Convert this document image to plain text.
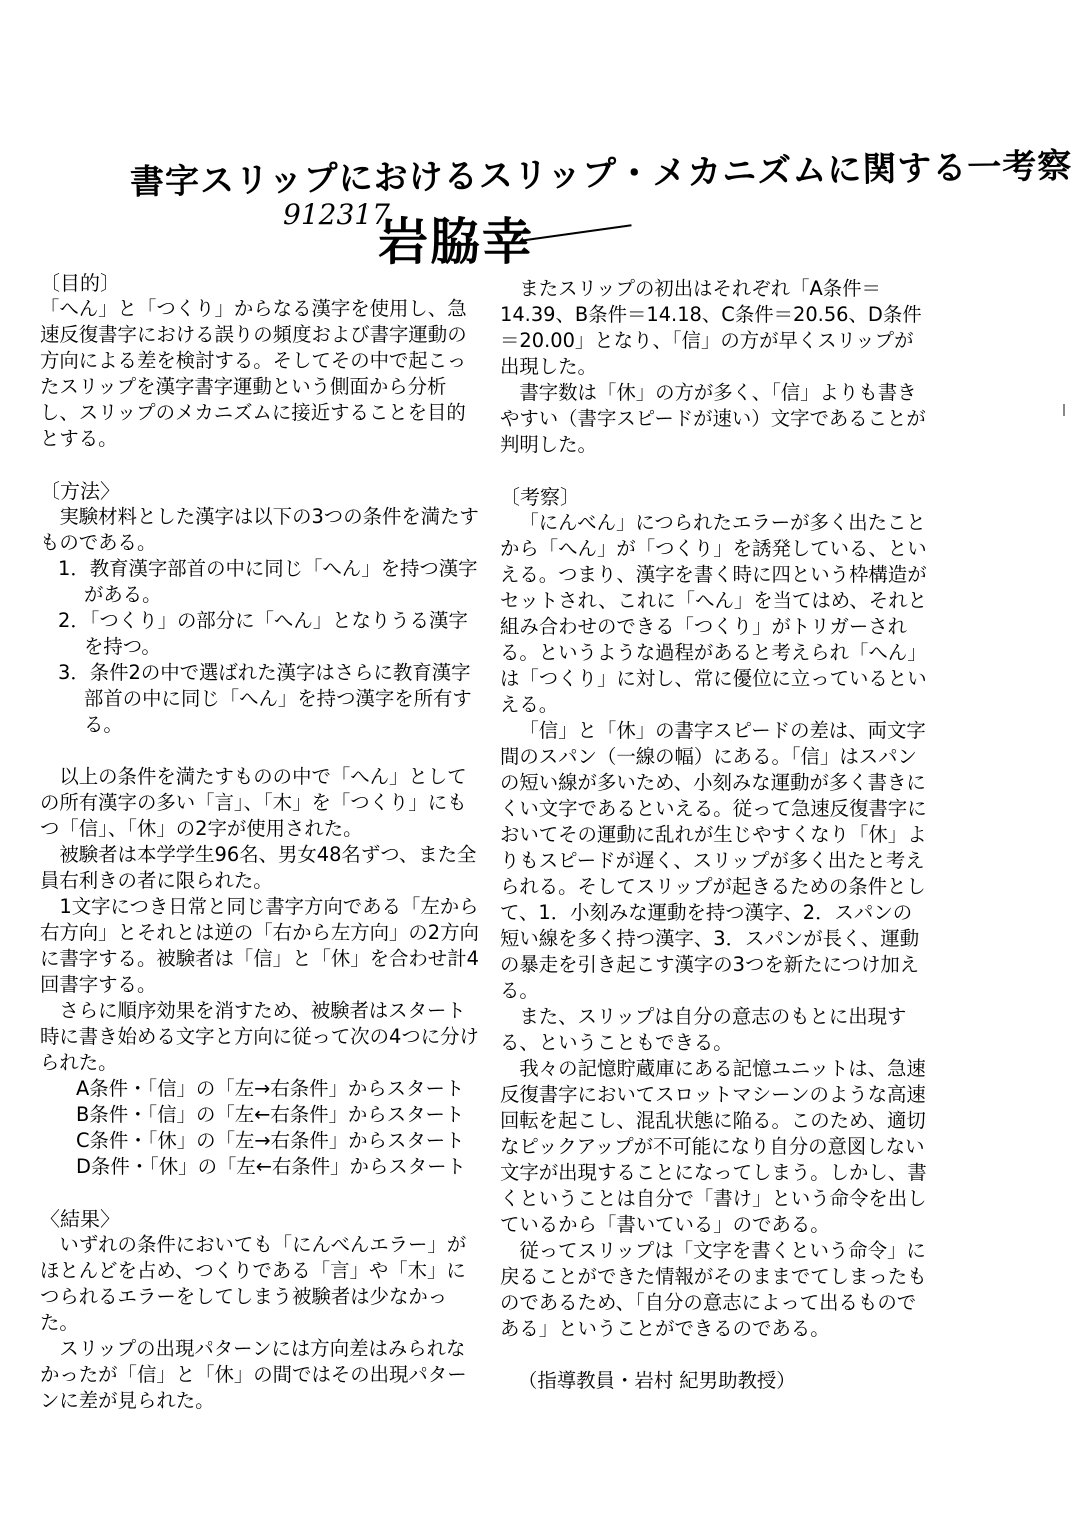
書字スリップにおけるスリップ・メカニズムに関する一考察
912317
岩脇幸
〔目的〕

「へん」と「つくり」からなる漢字を使用し、急速反復書字における誤りの頻度および書字運動の方向による差を検討する。そしてその中で起こったスリップを漢字書字運動という側面から分析し、スリップのメカニズムに接近することを目的とする。

〔方法〉

実験材料とした漢字は以下の3つの条件を満たすものである。

1．教育漢字部首の中に同じ「へん」を持つ漢字がある。

2．「つくり」の部分に「へん」となりうる漢字を持つ。

3．条件2の中で選ばれた漢字はさらに教育漢字部首の中に同じ「へん」を持つ漢字を所有する。

以上の条件を満たすものの中で「へん」としての所有漢字の多い「言」、「木」を「つくり」にもつ「信」、「休」の2字が使用された。

被験者は本学学生96名、男女48名ずつ、また全員右利きの者に限られた。

1文字につき日常と同じ書字方向である「左から右方向」とそれとは逆の「右から左方向」の2方向に書字する。被験者は「信」と「休」を合わせ計4回書字する。

さらに順序効果を消すため、被験者はスタート時に書き始める文字と方向に従って次の4つに分けられた。

A条件・「信」の「左→右条件」からスタート

B条件・「信」の「左←右条件」からスタート

C条件・「休」の「左→右条件」からスタート

D条件・「休」の「左←右条件」からスタート

〈結果〉

いずれの条件においても「にんべんエラー」がほとんどを占め、つくりである「言」や「木」につられるエラーをしてしまう被験者は少なかった。

スリップの出現パターンには方向差はみられなかったが「信」と「休」の間ではその出現パターンに差が見られた。

またスリップの初出はそれぞれ「A条件＝14.39、B条件＝14.18、C条件＝20.56、D条件＝20.00」となり、「信」の方が早くスリップが出現した。

書字数は「休」の方が多く、「信」よりも書きやすい（書字スピードが速い）文字であることが判明した。

〔考察〕

「にんべん」につられたエラーが多く出たことから「へん」が「つくり」を誘発している、といえる。つまり、漢字を書く時に四という枠構造がセットされ、これに「へん」を当てはめ、それと組み合わせのできる「つくり」がトリガーされる。というような過程があると考えられ「へん」は「つくり」に対し、常に優位に立っているといえる。

「信」と「休」の書字スピードの差は、両文字間のスパン（一線の幅）にある。「信」はスパンの短い線が多いため、小刻みな運動が多く書きにくい文字であるといえる。従って急速反復書字においてその運動に乱れが生じやすくなり「休」よりもスピードが遅く、スリップが多く出たと考えられる。そしてスリップが起きるための条件として、1．小刻みな運動を持つ漢字、2．スパンの短い線を多く持つ漢字、3．スパンが長く、運動の暴走を引き起こす漢字の3つを新たにつけ加える。

また、スリップは自分の意志のもとに出現する、ということもできる。

我々の記憶貯蔵庫にある記憶ユニットは、急速反復書字においてスロットマシーンのような高速回転を起こし、混乱状態に陥る。このため、適切なピックアップが不可能になり自分の意図しない文字が出現することになってしまう。しかし、書くということは自分で「書け」という命令を出しているから「書いている」のである。

従ってスリップは「文字を書くという命令」に戻ることができた情報がそのままでてしまったものであるため、「自分の意志によって出るものである」ということができるのである。

（指導教員・岩村 紀男助教授）
